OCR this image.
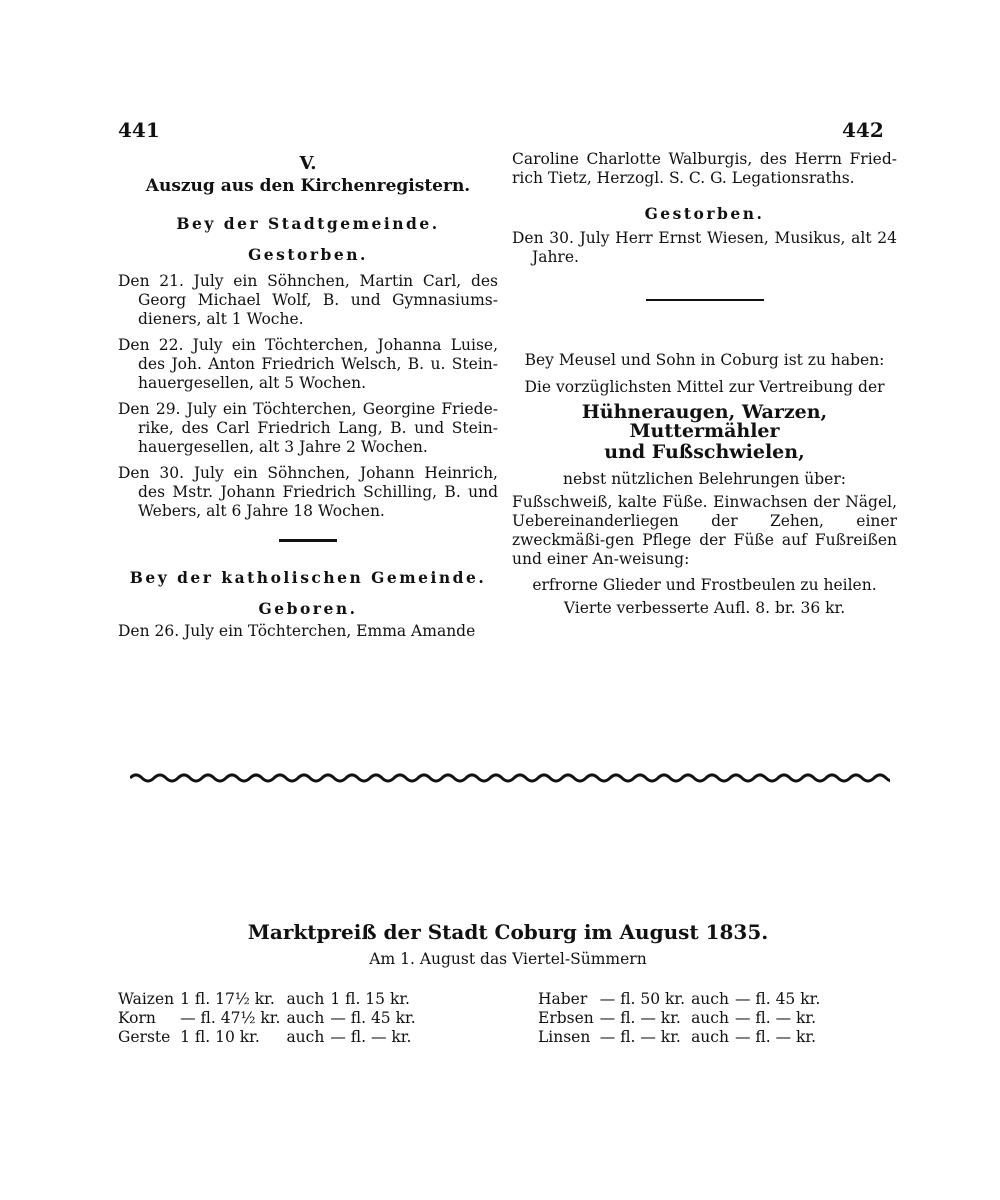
441	442
V.
Auszug aus den Kirchenregistern.
Bey der Stadtgemeinde.
Gestorben.

Den 21. July ein Söhnchen, Martin Carl, des Georg Michael Wolf, B. und Gymnasiums-dieners, alt 1 Woche.

Den 22. July ein Töchterchen, Johanna Luise, des Joh. Anton Friedrich Welsch, B. u. Stein-hauergesellen, alt 5 Wochen.

Den 29. July ein Töchterchen, Georgine Friede-rike, des Carl Friedrich Lang, B. und Stein-hauergesellen, alt 3 Jahre 2 Wochen.

Den 30. July ein Söhnchen, Johann Heinrich, des Mstr. Johann Friedrich Schilling, B. und Webers, alt 6 Jahre 18 Wochen.

Bey der katholischen Gemeinde.
Geboren.

Den 26. July ein Töchterchen, Emma Amande

Caroline Charlotte Walburgis, des Herrn Fried-rich Tietz, Herzogl. S. C. G. Legationsraths.

Gestorben.

Den 30. July Herr Ernst Wiesen, Musikus, alt 24 Jahre.

Bey Meusel und Sohn in Coburg ist zu haben:
Die vorzüglichsten Mittel zur Vertreibung der
Hühneraugen, Warzen, Muttermähler
und Fußschwielen,
nebst nützlichen Belehrungen über:

Fußschweiß, kalte Füße. Einwachsen der Nägel, Uebereinanderliegen der Zehen, einer zweckmäßi-gen Pflege der Füße auf Fußreißen und einer An-weisung:

erfrorne Glieder und Frostbeulen zu heilen.
Vierte verbesserte Aufl. 8. br. 36 kr.
Marktpreiß der Stadt Coburg im August 1835.
Am 1. August das Viertel-Sümmern
Waizen	1 fl. 17½ kr.	auch	1 fl. 15 kr.
Korn	— fl. 47½ kr.	auch	— fl. 45 kr.
Gerste	1 fl. 10 kr.	auch	— fl. — kr.
Haber	— fl. 50 kr.	auch	— fl. 45 kr.
Erbsen	— fl. — kr.	auch	— fl. — kr.
Linsen	— fl. — kr.	auch	— fl. — kr.
